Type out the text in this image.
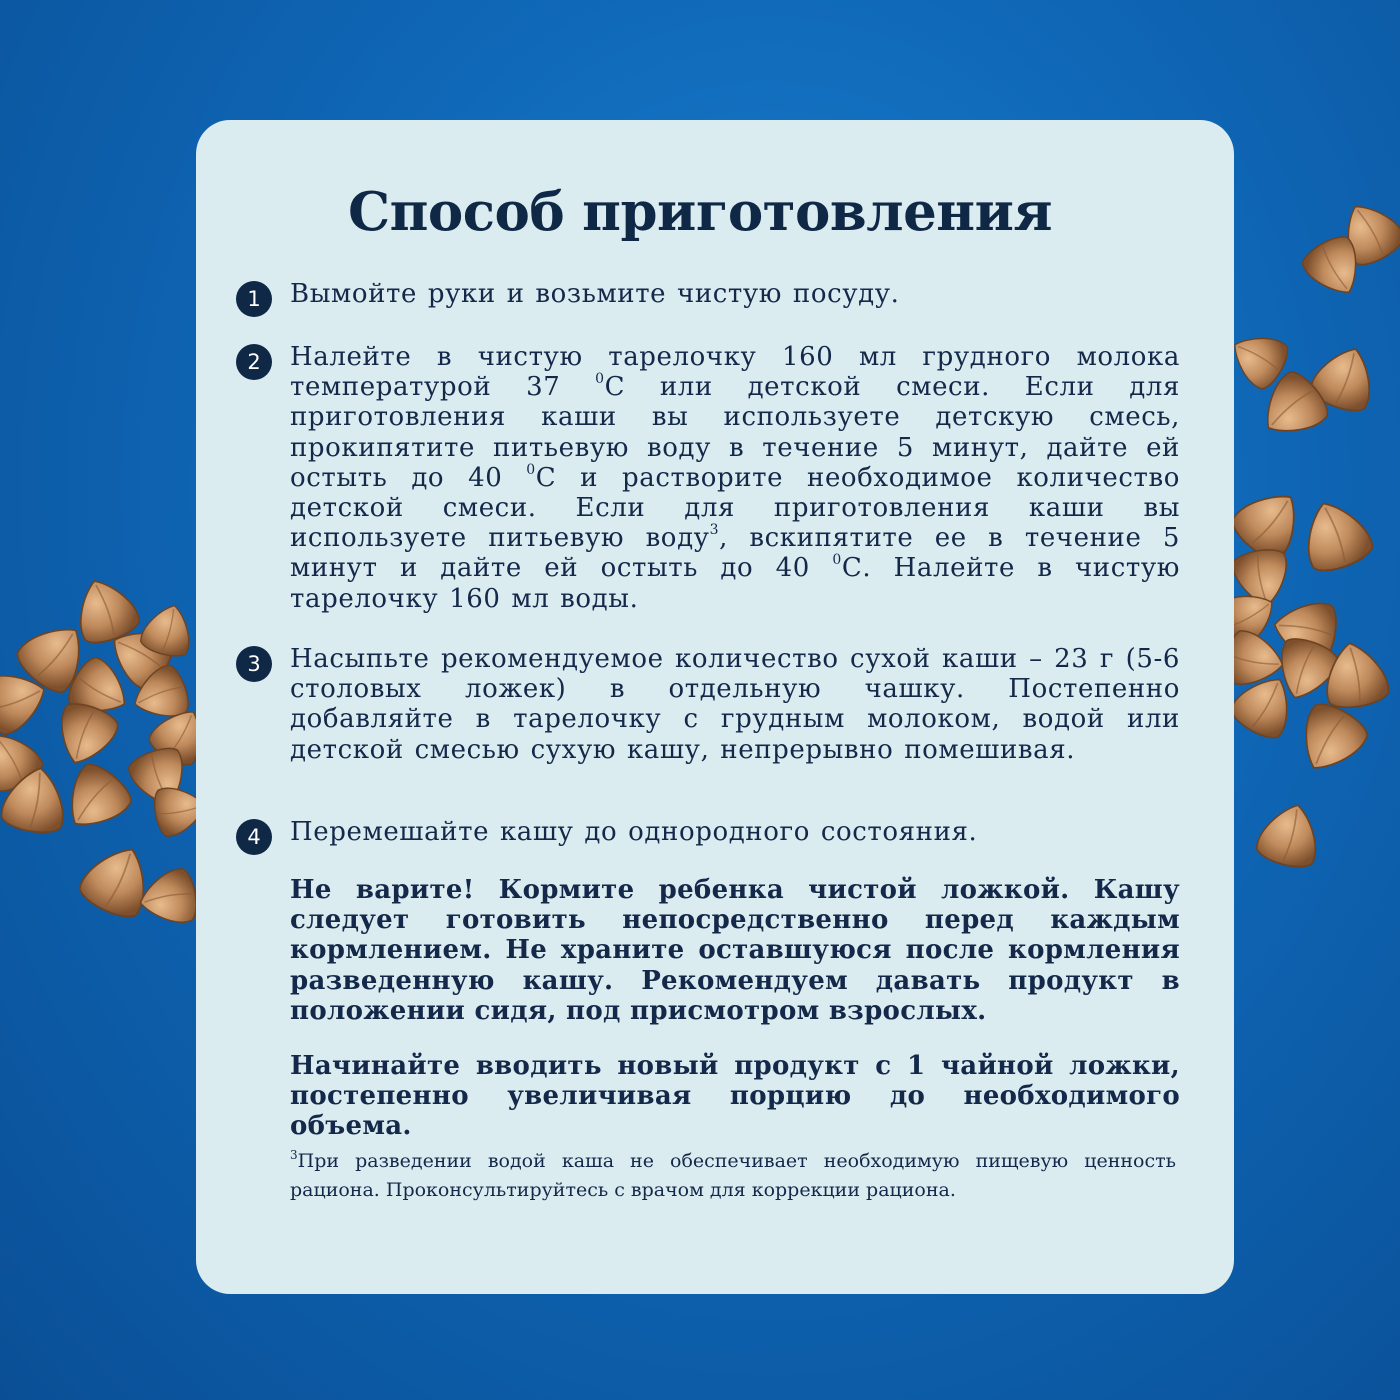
Способ приготовления
1	Вымойте руки и возьмите чистую посуду.

2	Налейте в чистую тарелочку 160 мл грудного молока температурой 37 $^0$С или детской смеси. Если для приготовления каши вы используете детскую смесь, прокипятите питьевую воду в течение 5 минут, дайте ей остыть до 40 $^0$С и растворите необходимое количество детской смеси. Если для приготовления каши вы используете питьевую воду$^3$, вскипятите ее в течение 5 минут и дайте ей остыть до 40 $^0$С. Налейте в чистую тарелочку 160 мл воды.

3	Насыпьте рекомендуемое количество сухой каши – 23 г (5-6 столовых ложек) в отдельную чашку. Постепенно добавляйте в тарелочку с грудным молоком, водой или детской смесью сухую кашу, непрерывно помешивая.

4	Перемешайте кашу до однородного состояния.

Не варите! Кормите ребенка чистой ложкой. Кашу следует готовить непосредственно перед каждым кормлением. Не храните оставшуюся после кормления разведенную кашу. Рекомендуем давать продукт в положении сидя, под присмотром взрослых.

Начинайте вводить новый продукт с 1 чайной ложки, постепенно увеличивая порцию до необходимого объема.

$^3$При разведении водой каша не обеспечивает необходимую пищевую ценность рациона. Проконсультируйтесь с врачом для коррекции рациона.
